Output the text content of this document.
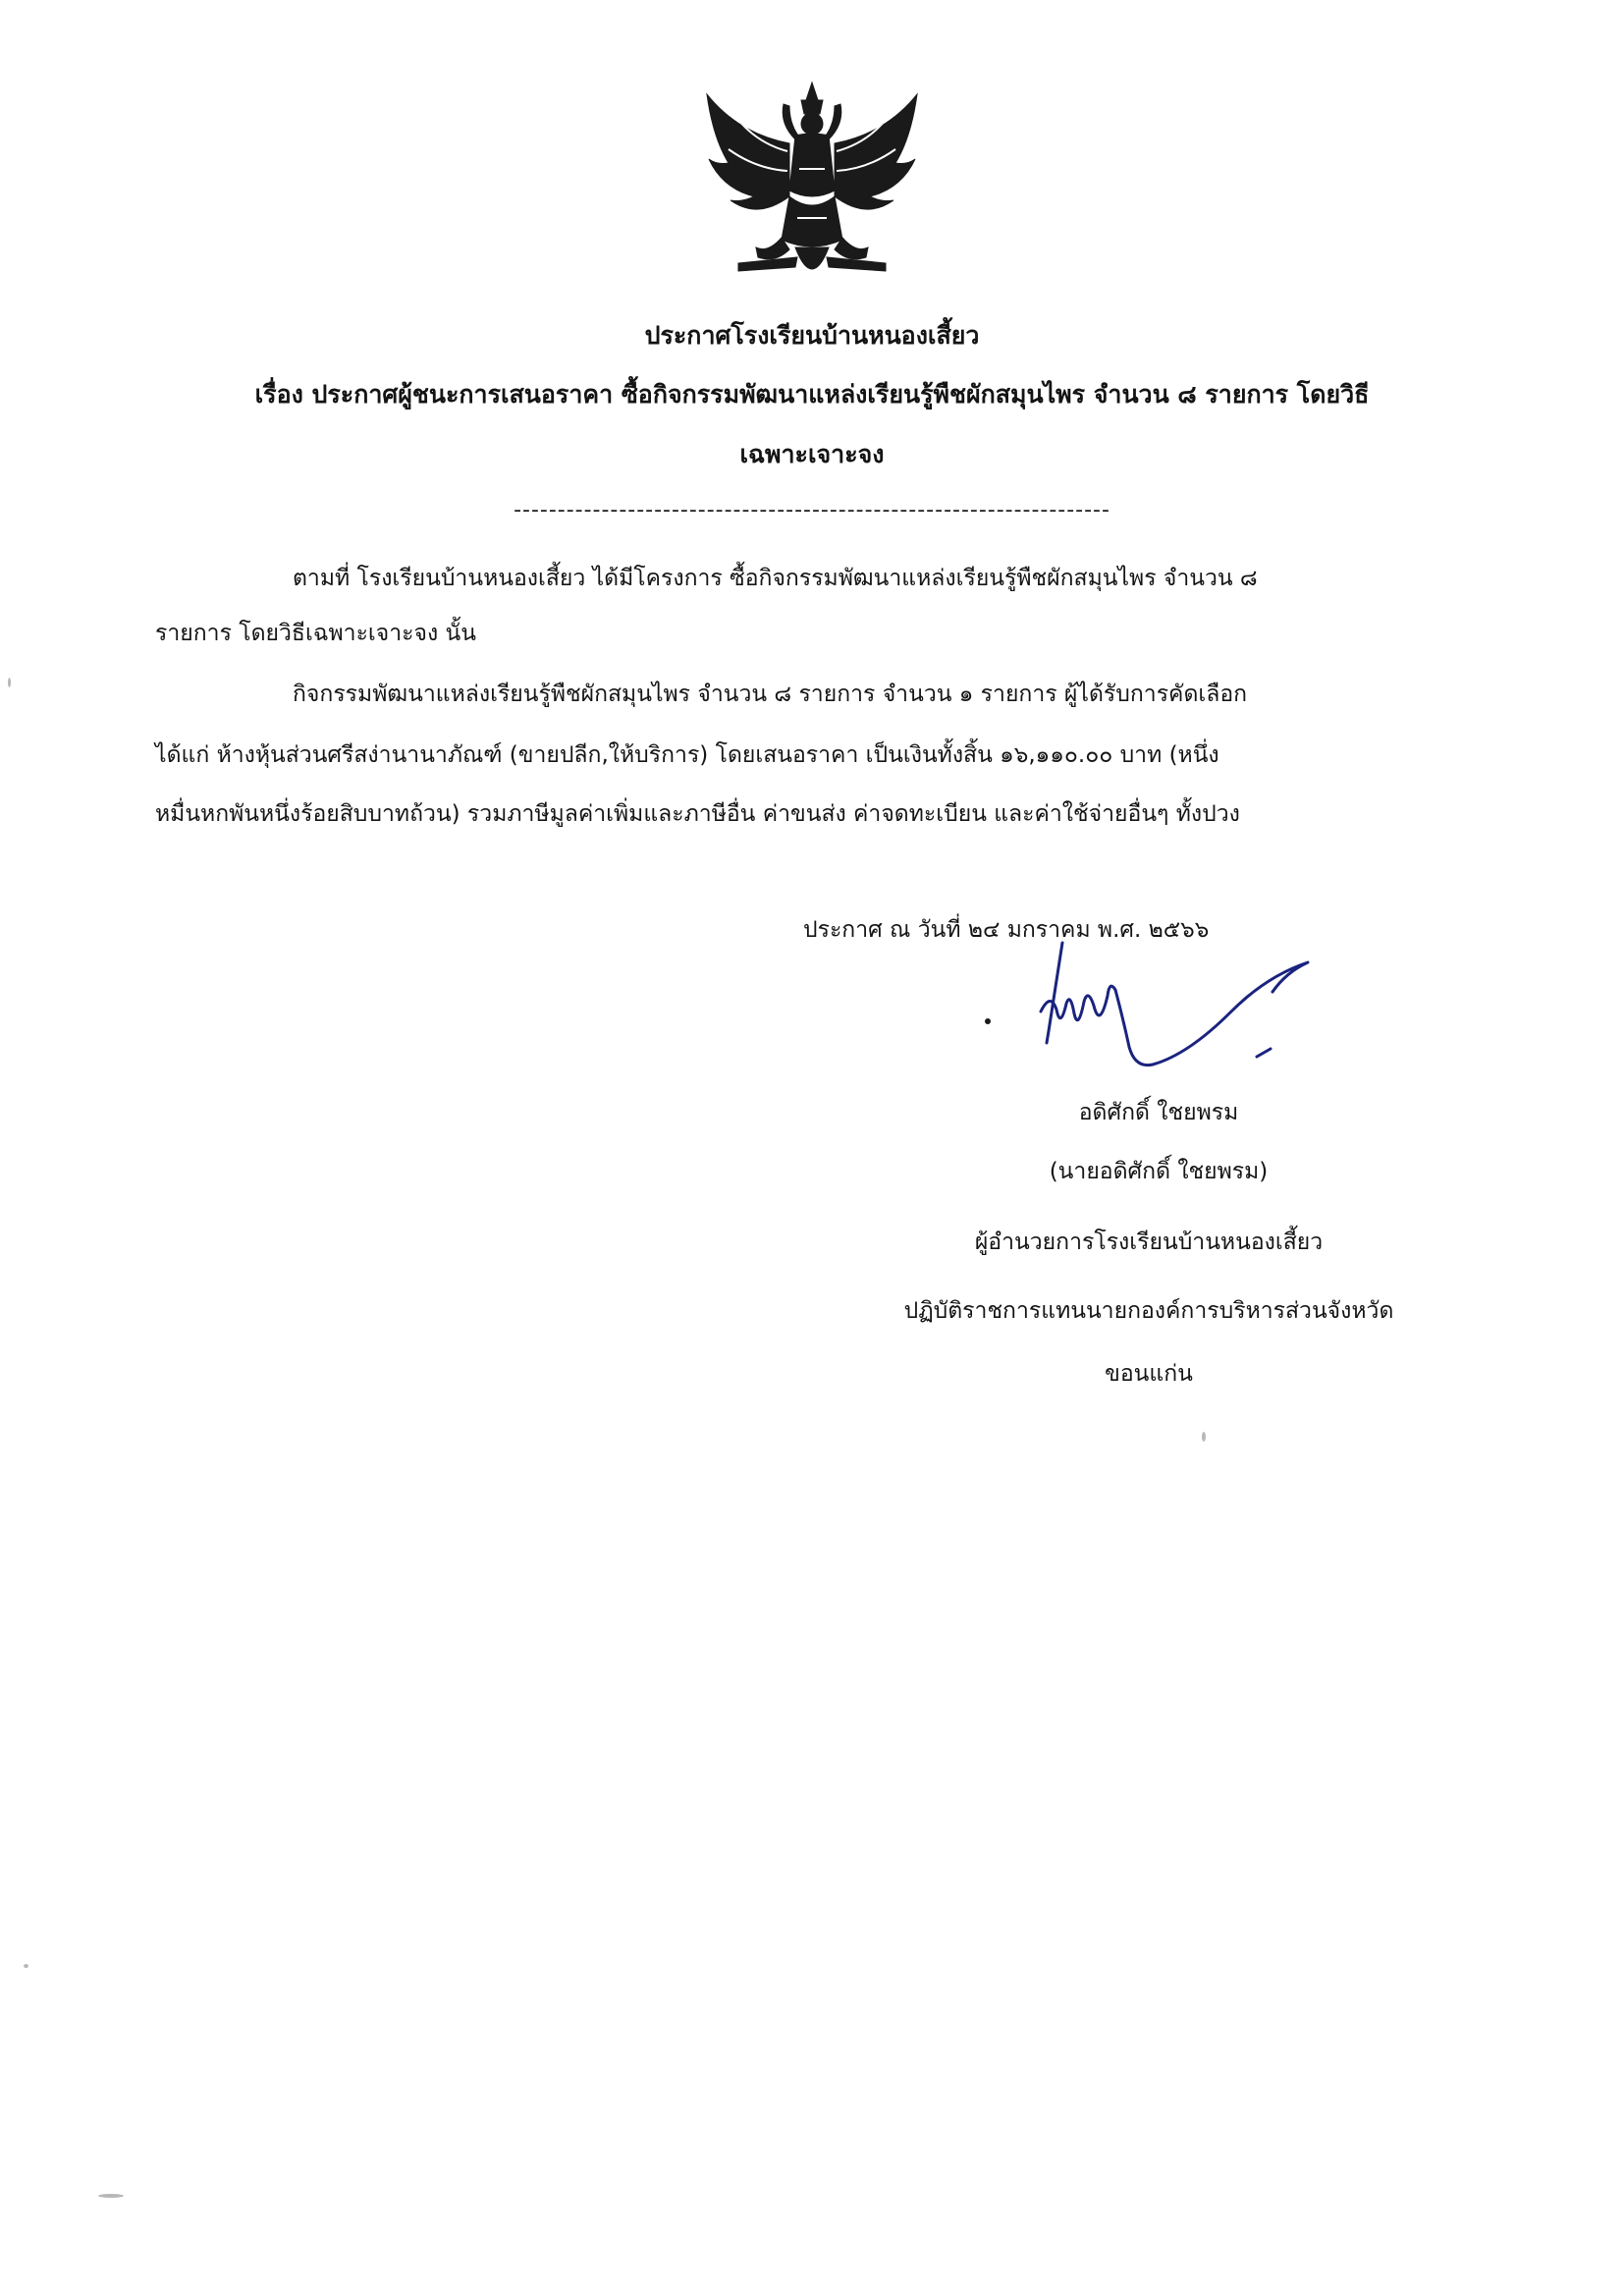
ประกาศโรงเรียนบ้านหนองเสี้ยว
เรื่อง ประกาศผู้ชนะการเสนอราคา ซื้อกิจกรรมพัฒนาแหล่งเรียนรู้พืชผักสมุนไพร จำนวน ๘ รายการ โดยวิธี
เฉพาะเจาะจง
--------------------------------------------------------------------
ตามที่ โรงเรียนบ้านหนองเสี้ยว ได้มีโครงการ ซื้อกิจกรรมพัฒนาแหล่งเรียนรู้พืชผักสมุนไพร จำนวน ๘
รายการ โดยวิธีเฉพาะเจาะจง นั้น
กิจกรรมพัฒนาแหล่งเรียนรู้พืชผักสมุนไพร จำนวน ๘ รายการ จำนวน ๑ รายการ ผู้ได้รับการคัดเลือก
ได้แก่ ห้างหุ้นส่วนศรีสง่านานาภัณฑ์ (ขายปลีก,ให้บริการ) โดยเสนอราคา เป็นเงินทั้งสิ้น ๑๖,๑๑๐.๐๐ บาท (หนึ่ง
หมื่นหกพันหนึ่งร้อยสิบบาทถ้วน) รวมภาษีมูลค่าเพิ่มและภาษีอื่น ค่าขนส่ง ค่าจดทะเบียน และค่าใช้จ่ายอื่นๆ ทั้งปวง
ประกาศ ณ วันที่ ๒๔ มกราคม พ.ศ. ๒๕๖๖
อดิศักดิ์ ใชยพรม
(นายอดิศักดิ์ ใชยพรม)
ผู้อำนวยการโรงเรียนบ้านหนองเสี้ยว
ปฏิบัติราชการแทนนายกองค์การบริหารส่วนจังหวัด
ขอนแก่น
